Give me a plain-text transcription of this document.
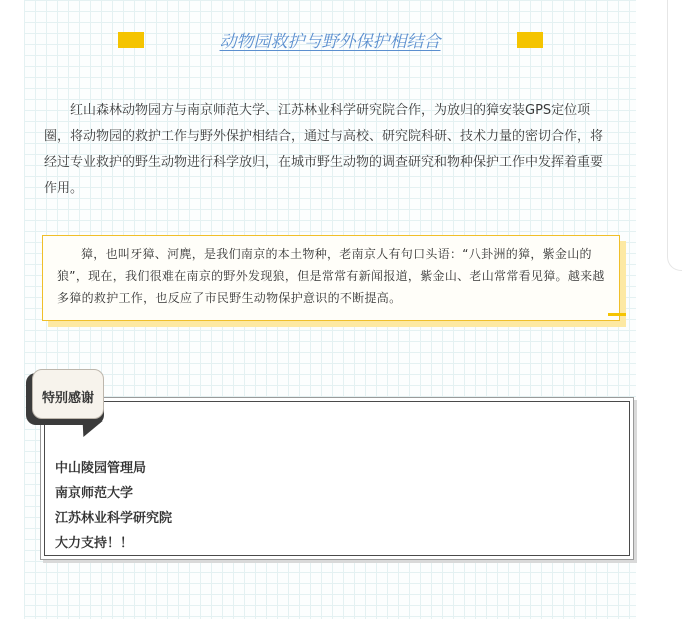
动物园救护与野外保护相结合

红山森林动物园方与南京师范大学、江苏林业科学研究院合作，为放归的獐安装GPS定位项圈，将动物园的救护工作与野外保护相结合，通过与高校、研究院科研、技术力量的密切合作，将经过专业救护的野生动物进行科学放归，在城市野生动物的调查研究和物种保护工作中发挥着重要作用。

獐，也叫牙獐、河麂，是我们南京的本土物种，老南京人有句口头语：“八卦洲的獐，紫金山的狼”，现在，我们很难在南京的野外发现狼，但是常常有新闻报道，紫金山、老山常常看见獐。越来越多獐的救护工作，也反应了市民野生动物保护意识的不断提高。

中山陵园管理局
南京师范大学
江苏林业科学研究院
大力支持！！
特别感谢
